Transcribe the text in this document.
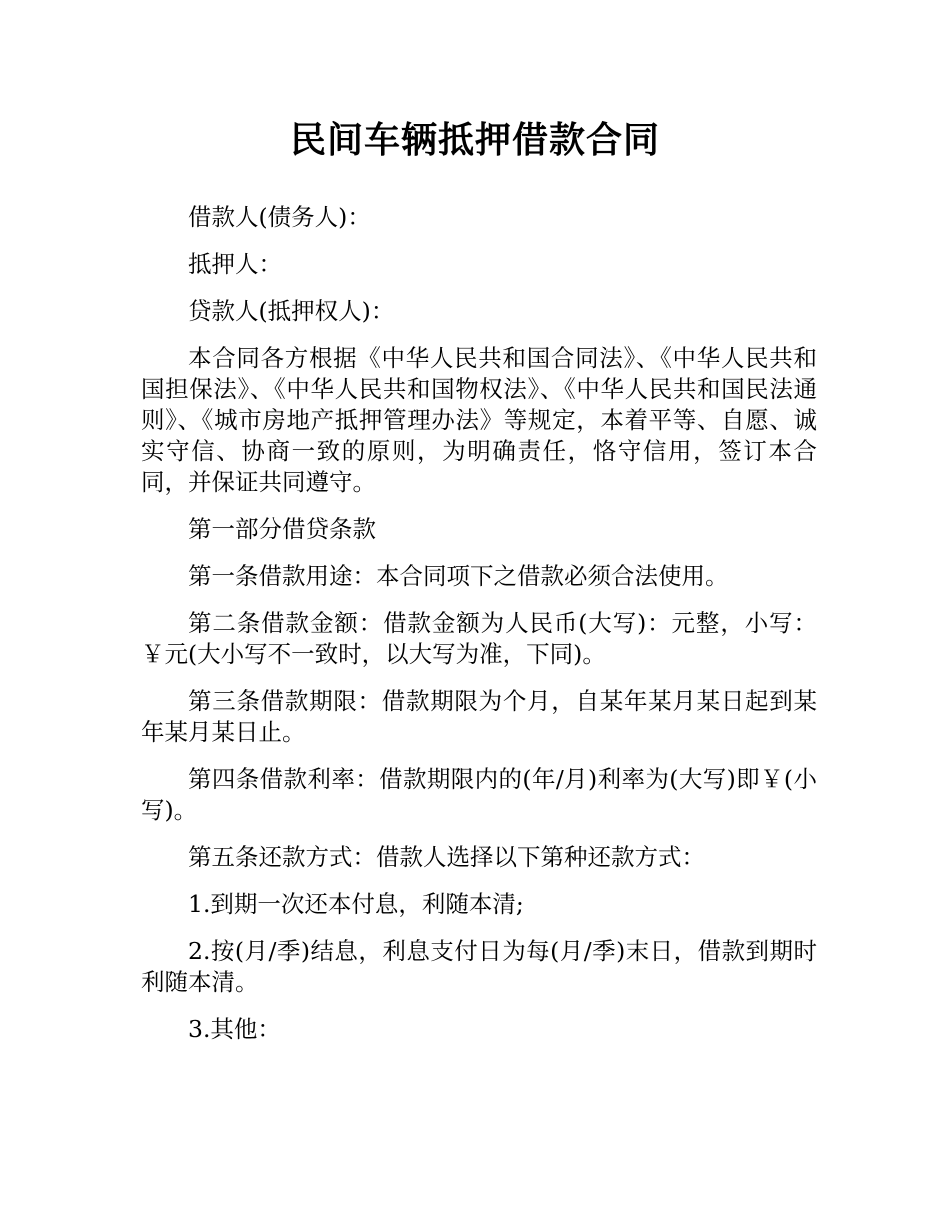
民间车辆抵押借款合同

借款人(债务人)：

抵押人：

贷款人(抵押权人)：

本合同各方根据《中华人民共和国合同法》、《中华人民共和国担保法》、《中华人民共和国物权法》、《中华人民共和国民法通则》、《城市房地产抵押管理办法》等规定，本着平等、自愿、诚实守信、协商一致的原则，为明确责任，恪守信用，签订本合同，并保证共同遵守。

第一部分借贷条款

第一条借款用途：本合同项下之借款必须合法使用。

第二条借款金额：借款金额为人民币(大写)：元整，小写：￥元(大小写不一致时，以大写为准，下同)。

第三条借款期限：借款期限为个月，自某年某月某日起到某年某月某日止。

第四条借款利率：借款期限内的(年/月)利率为(大写)即￥(小写)。

第五条还款方式：借款人选择以下第种还款方式：

1.到期一次还本付息，利随本清;

2.按(月/季)结息，利息支付日为每(月/季)末日，借款到期时利随本清。

3.其他：
